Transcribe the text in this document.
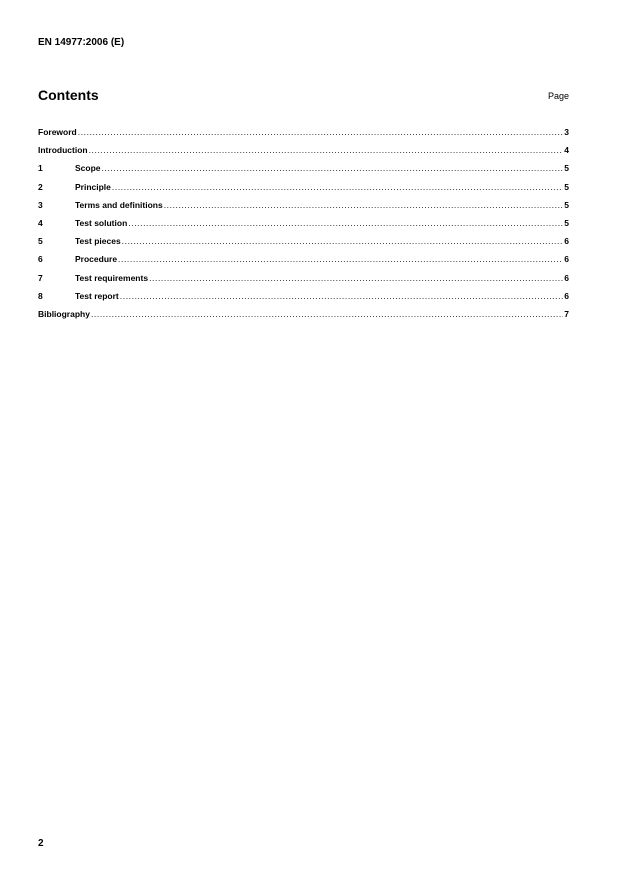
EN 14977:2006 (E)
Contents	Page
Foreword .....	3
Introduction .....	4
1	Scope .....	5
2	Principle .....	5
3	Terms and definitions .....	5
4	Test solution .....	5
5	Test pieces .....	6
6	Procedure .....	6
7	Test requirements .....	6
8	Test report .....	6
Bibliography .....	7
2
